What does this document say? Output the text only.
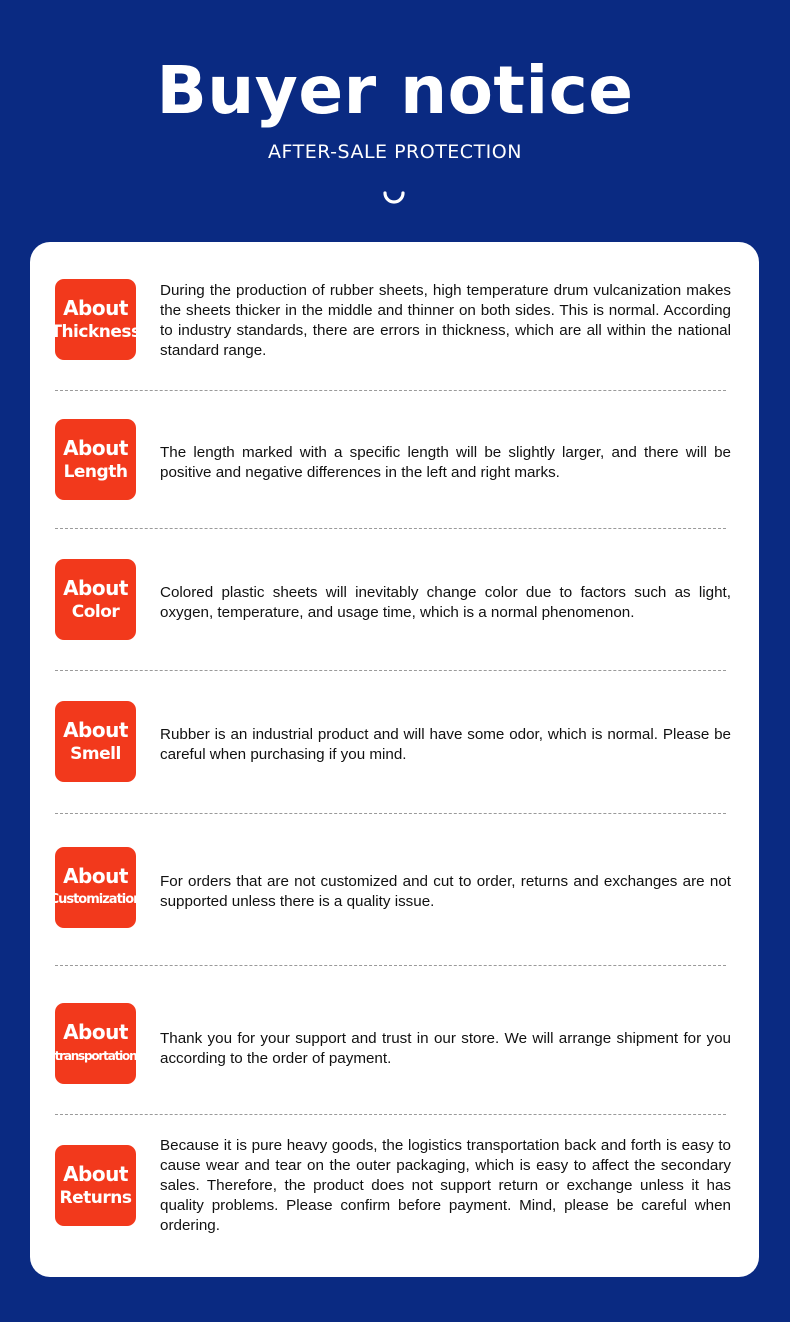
Buyer notice
AFTER-SALE PROTECTION
About
Thickness
During the production of rubber sheets, high temperature drum vulcanization makes the sheets thicker in the middle and thinner on both sides. This is normal. According to industry standards, there are errors in thickness, which are all within the national standard range.
About
Length
The length marked with a specific length will be slightly larger, and there will be positive and negative differences in the left and right marks.
About
Color
Colored plastic sheets will inevitably change color due to factors such as light, oxygen, temperature, and usage time, which is a normal phenomenon.
About
Smell
Rubber is an industrial product and will have some odor, which is normal. Please be careful when purchasing if you mind.
About
Customization
For orders that are not customized and cut to order, returns and exchanges are not supported unless there is a quality issue.
About
transportation
Thank you for your support and trust in our store. We will arrange shipment for you according to the order of payment.
About
Returns
Because it is pure heavy goods, the logistics transportation back and forth is easy to cause wear and tear on the outer packaging, which is easy to affect the secondary sales. Therefore, the product does not support return or exchange unless it has quality problems. Please confirm before payment. Mind, please be careful when ordering.
